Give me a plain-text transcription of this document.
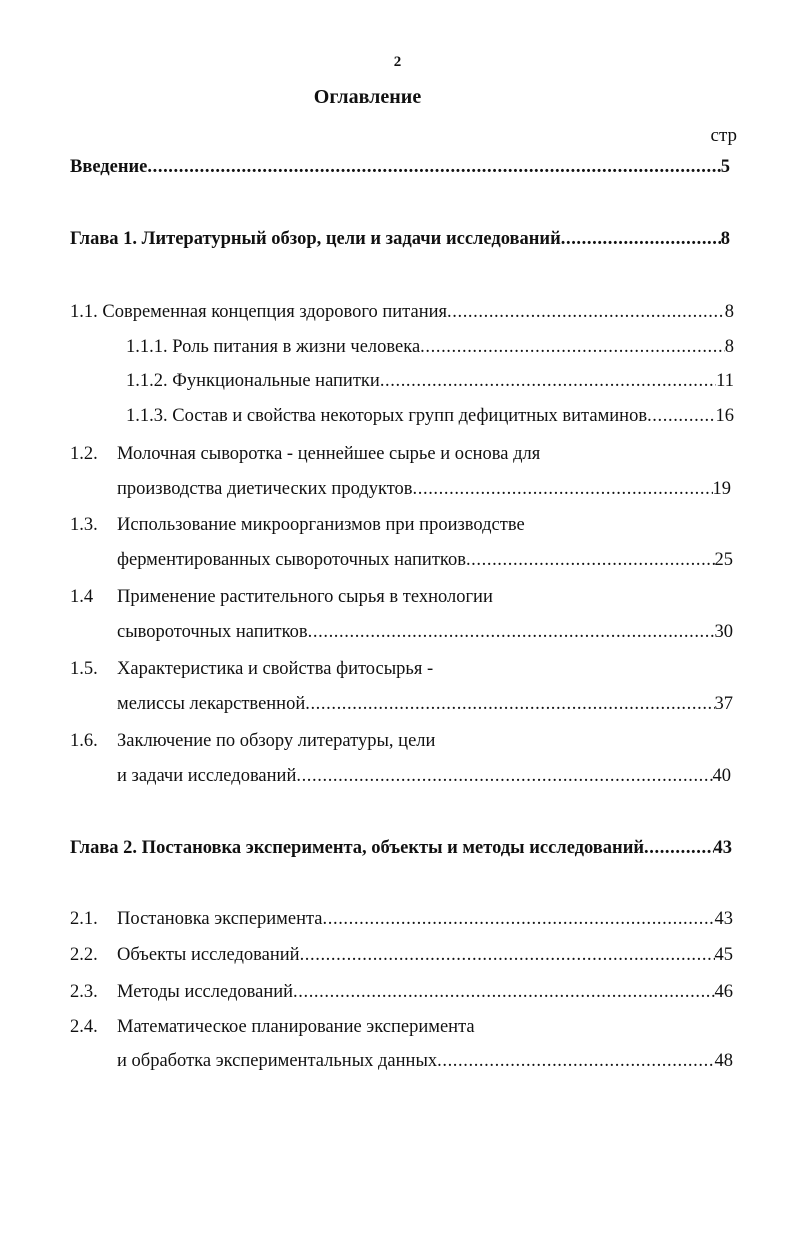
2
Оглавление
стр
Введение .....	5
Глава 1. Литературный обзор, цели и задачи исследований .....	8
1.1. Современная концепция здорового питания .....	8
1.1.1. Роль питания в жизни человека .....	8
1.1.2. Функциональные напитки .....	11
1.1.3. Состав и свойства некоторых групп дефицитных витаминов .....	16
1.2. Молочная сыворотка - ценнейшее сырье и основа для
производства диетических продуктов .....	19
1.3. Использование микроорганизмов при производстве
ферментированных сывороточных напитков .....	25
1.4 Применение растительного сырья в технологии
сывороточных напитков .....	30
1.5. Характеристика и свойства фитосырья -
мелиссы лекарственной .....	37
1.6. Заключение по обзору литературы, цели
и задачи исследований .....	40
Глава 2. Постановка эксперимента, объекты и методы исследований .....	43
2.1. Постановка эксперимента .....	43
2.2. Объекты исследований .....	45
2.3. Методы исследований .....	46
2.4. Математическое планирование эксперимента
и обработка экспериментальных данных .....	48
